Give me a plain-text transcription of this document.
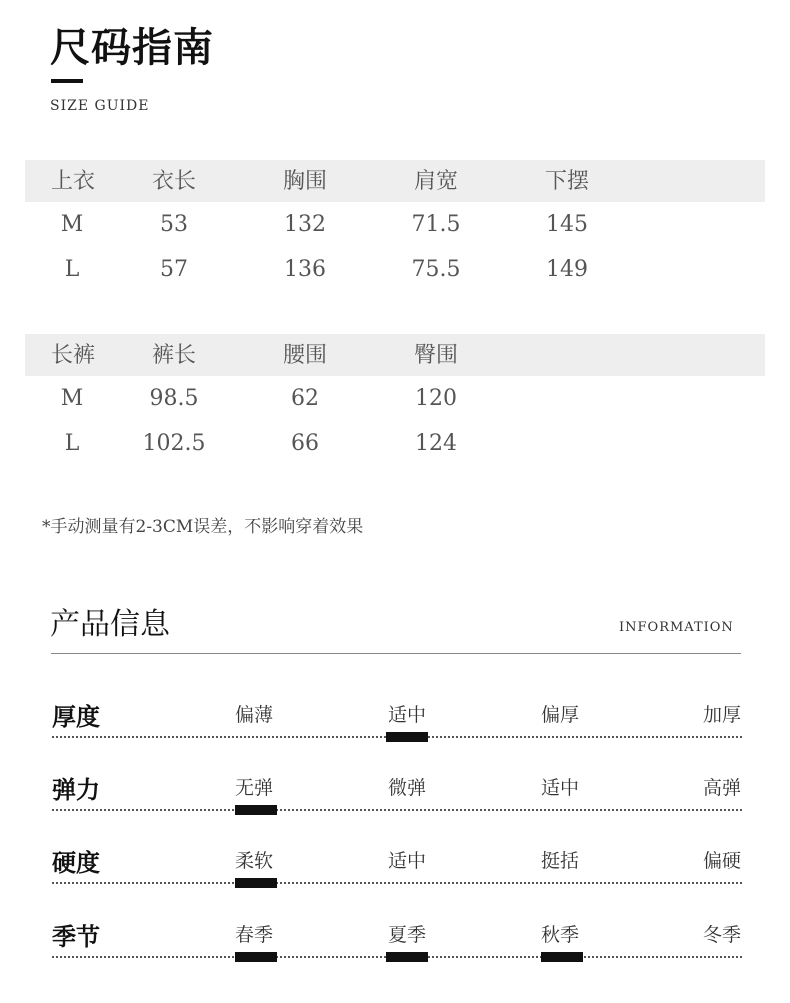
尺码指南
SIZE GUIDE
上衣	衣长	胸围	肩宽	下摆
M	53	132	71.5	145
L	57	136	75.5	149
长裤	裤长	腰围	臀围
M	98.5	62	120
L	102.5	66	124
*手动测量有2-3CM误差，不影响穿着效果
产品信息	INFORMATION
厚度	偏薄	适中	偏厚	加厚
弹力	无弹	微弹	适中	高弹
硬度	柔软	适中	挺括	偏硬
季节	春季	夏季	秋季	冬季
